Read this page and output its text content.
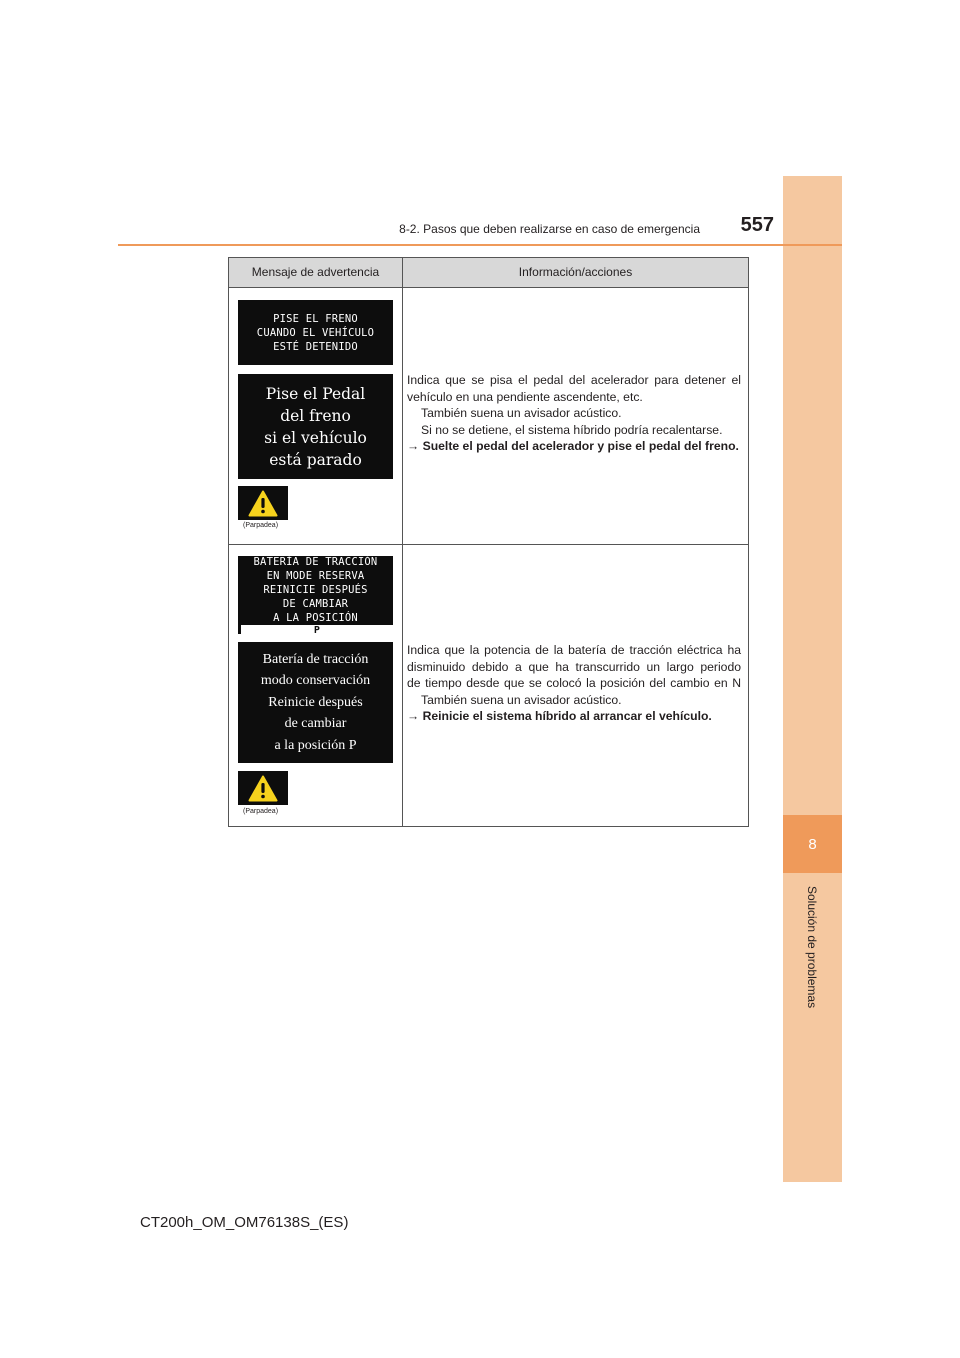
8
Solución de problemas
8-2. Pasos que deben realizarse en caso de emergencia	557
Mensaje de advertencia	Información/acciones
PISE EL FRENO
CUANDO EL VEHÍCULO
ESTÉ DETENIDO
Pise el Pedal
del freno
si el vehículo
está parado
(Parpadea)

Indica que se pisa el pedal del acelerador para detener el

vehículo en una pendiente ascendente, etc.

También suena un avisador acústico.

Si no se detiene, el sistema híbrido podría recalentarse.

→ Suelte el pedal del acelerador y pise el pedal del freno.

BATERÍA DE TRACCIÓN
EN MODE RESERVA
REINICIE DESPUÉS
DE CAMBIAR
A LA POSICIÓN
P
Batería de tracción
modo conservación
Reinicie después
de cambiar
a la posición P
(Parpadea)

Indica que la potencia de la batería de tracción eléctrica ha

disminuido debido a que ha transcurrido un largo periodo

de tiempo desde que se colocó la posición del cambio en N

También suena un avisador acústico.

→ Reinicie el sistema híbrido al arrancar el vehículo.

CT200h_OM_OM76138S_(ES)
